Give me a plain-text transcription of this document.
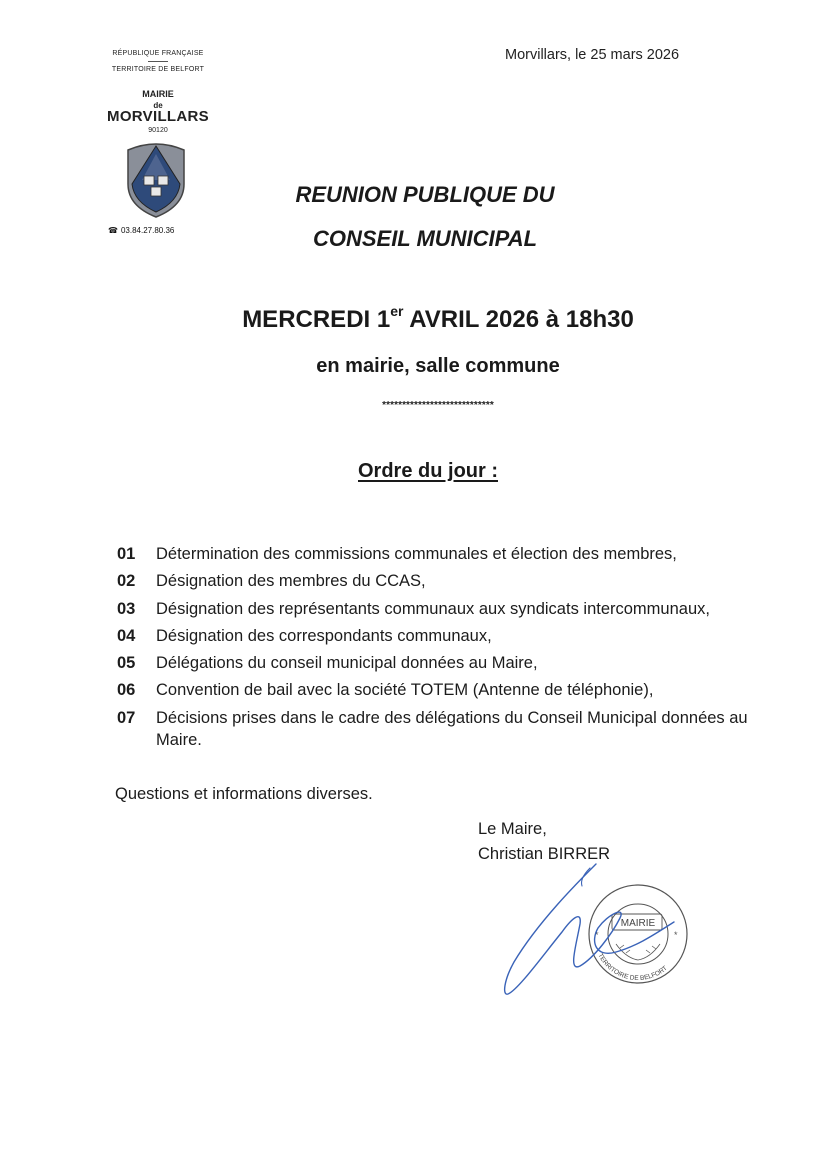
RÉPUBLIQUE FRANÇAISE
TERRITOIRE DE BELFORT
MAIRIE
de
MORVILLARS
90120
☎ 03.84.27.80.36
Morvillars, le 25 mars 2026
REUNION PUBLIQUE DU
CONSEIL MUNICIPAL
MERCREDI 1er AVRIL 2026 à 18h30
en mairie, salle commune
****************************
Ordre du jour :
01	Détermination des commissions communales et élection des membres,
02	Désignation des membres du CCAS,
03	Désignation des représentants communaux aux syndicats intercommunaux,
04	Désignation des correspondants communaux,
05	Délégations du conseil municipal données au Maire,
06	Convention de bail avec la société TOTEM (Antenne de téléphonie),
07	Décisions prises dans le cadre des délégations du Conseil Municipal données au Maire.
Questions et informations diverses.
Le Maire,
Christian BIRRER
MAIRIE
TERRITOIRE DE BELFORT
*	*
